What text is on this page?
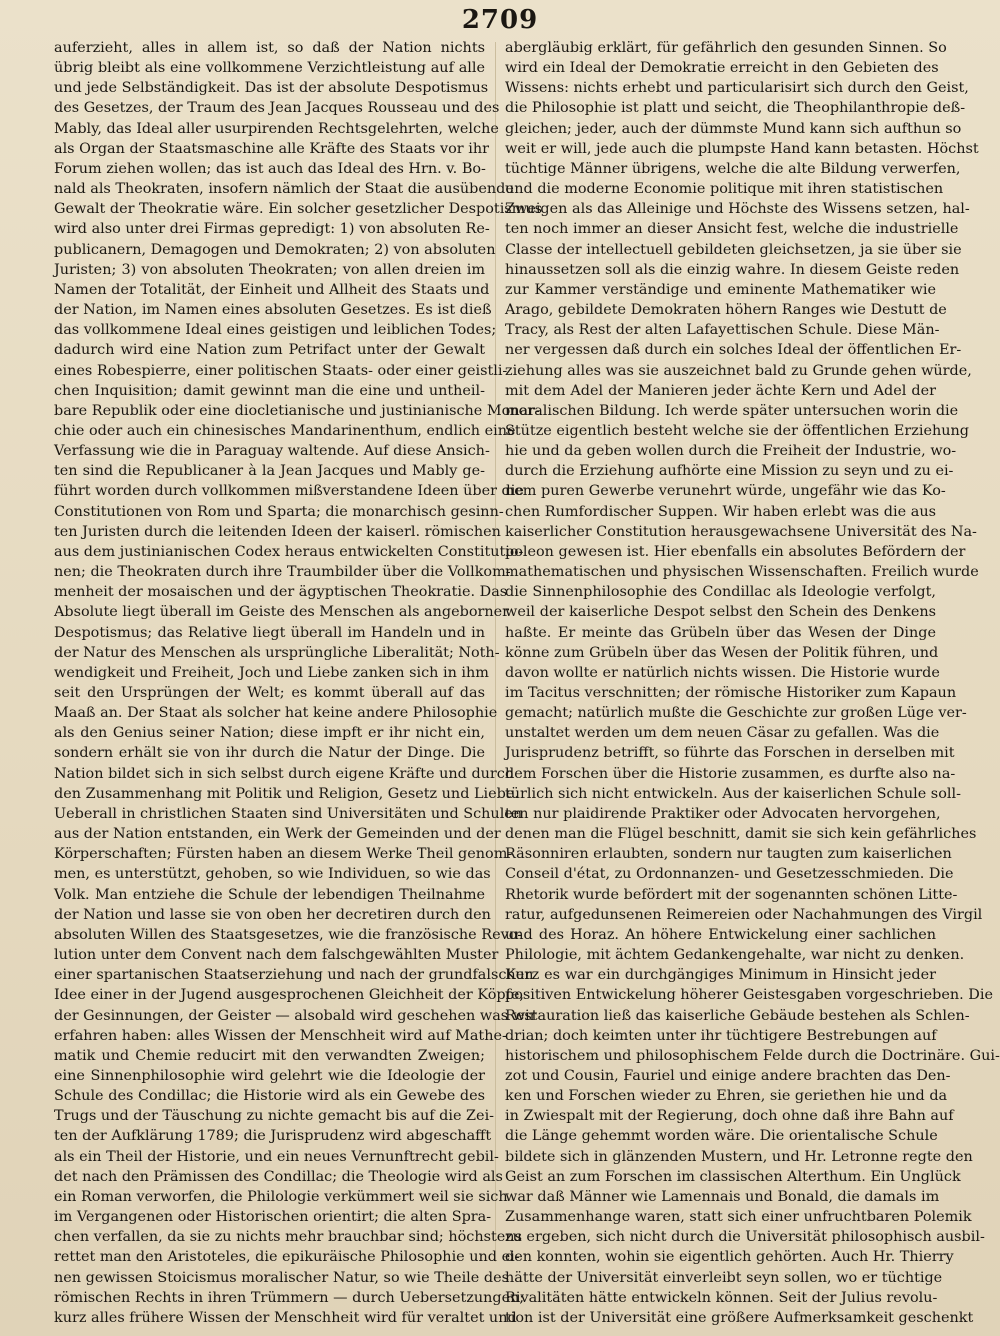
2709
auferzieht, alles in allem ist, so daß der Nation nichts
übrig bleibt als eine vollkommene Verzichtleistung auf alle
und jede Selbständigkeit. Das ist der absolute Despotismus
des Gesetzes, der Traum des Jean Jacques Rousseau und des
Mably, das Ideal aller usurpirenden Rechtsgelehrten, welche
als Organ der Staatsmaschine alle Kräfte des Staats vor ihr
Forum ziehen wollen; das ist auch das Ideal des Hrn. v. Bo-
nald als Theokraten, insofern nämlich der Staat die ausübende
Gewalt der Theokratie wäre. Ein solcher gesetzlicher Despotismus
wird also unter drei Firmas gepredigt: 1) von absoluten Re-
publicanern, Demagogen und Demokraten; 2) von absoluten
Juristen; 3) von absoluten Theokraten; von allen dreien im
Namen der Totalität, der Einheit und Allheit des Staats und
der Nation, im Namen eines absoluten Gesetzes. Es ist dieß
das vollkommene Ideal eines geistigen und leiblichen Todes;
dadurch wird eine Nation zum Petrifact unter der Gewalt
eines Robespierre, einer politischen Staats- oder einer geistli-
chen Inquisition; damit gewinnt man die eine und untheil-
bare Republik oder eine diocletianische und justinianische Monar-
chie oder auch ein chinesisches Mandarinenthum, endlich eine
Verfassung wie die in Paraguay waltende. Auf diese Ansich-
ten sind die Republicaner à la Jean Jacques und Mably ge-
führt worden durch vollkommen mißverstandene Ideen über die
Constitutionen von Rom und Sparta; die monarchisch gesinn-
ten Juristen durch die leitenden Ideen der kaiserl. römischen
aus dem justinianischen Codex heraus entwickelten Constitutio-
nen; die Theokraten durch ihre Traumbilder über die Vollkom-
menheit der mosaischen und der ägyptischen Theokratie. Das
Absolute liegt überall im Geiste des Menschen als angeborner
Despotismus; das Relative liegt überall im Handeln und in
der Natur des Menschen als ursprüngliche Liberalität; Noth-
wendigkeit und Freiheit, Joch und Liebe zanken sich in ihm
seit den Ursprüngen der Welt; es kommt überall auf das
Maaß an. Der Staat als solcher hat keine andere Philosophie
als den Genius seiner Nation; diese impft er ihr nicht ein,
sondern erhält sie von ihr durch die Natur der Dinge. Die
Nation bildet sich in sich selbst durch eigene Kräfte und durch
den Zusammenhang mit Politik und Religion, Gesetz und Liebe.
Ueberall in christlichen Staaten sind Universitäten und Schulen
aus der Nation entstanden, ein Werk der Gemeinden und der
Körperschaften; Fürsten haben an diesem Werke Theil genom-
men, es unterstützt, gehoben, so wie Individuen, so wie das
Volk. Man entziehe die Schule der lebendigen Theilnahme
der Nation und lasse sie von oben her decretiren durch den
absoluten Willen des Staatsgesetzes, wie die französische Revo-
lution unter dem Convent nach dem falschgewählten Muster
einer spartanischen Staatserziehung und nach der grundfalschen
Idee einer in der Jugend ausgesprochenen Gleichheit der Köpfe,
der Gesinnungen, der Geister — alsobald wird geschehen was wir
erfahren haben: alles Wissen der Menschheit wird auf Mathe-
matik und Chemie reducirt mit den verwandten Zweigen;
eine Sinnenphilosophie wird gelehrt wie die Ideologie der
Schule des Condillac; die Historie wird als ein Gewebe des
Trugs und der Täuschung zu nichte gemacht bis auf die Zei-
ten der Aufklärung 1789; die Jurisprudenz wird abgeschafft
als ein Theil der Historie, und ein neues Vernunftrecht gebil-
det nach den Prämissen des Condillac; die Theologie wird als
ein Roman verworfen, die Philologie verkümmert weil sie sich
im Vergangenen oder Historischen orientirt; die alten Spra-
chen verfallen, da sie zu nichts mehr brauchbar sind; höchstens
rettet man den Aristoteles, die epikuräische Philosophie und ei-
nen gewissen Stoicismus moralischer Natur, so wie Theile des
römischen Rechts in ihren Trümmern — durch Uebersetzungen;
kurz alles frühere Wissen der Menschheit wird für veraltet und
abergläubig erklärt, für gefährlich den gesunden Sinnen. So
wird ein Ideal der Demokratie erreicht in den Gebieten des
Wissens: nichts erhebt und particularisirt sich durch den Geist,
die Philosophie ist platt und seicht, die Theophilanthropie deß-
gleichen; jeder, auch der dümmste Mund kann sich aufthun so
weit er will, jede auch die plumpste Hand kann betasten. Höchst
tüchtige Männer übrigens, welche die alte Bildung verwerfen,
und die moderne Economie politique mit ihren statistischen
Zweigen als das Alleinige und Höchste des Wissens setzen, hal-
ten noch immer an dieser Ansicht fest, welche die industrielle
Classe der intellectuell gebildeten gleichsetzen, ja sie über sie
hinaussetzen soll als die einzig wahre. In diesem Geiste reden
zur Kammer verständige und eminente Mathematiker wie
Arago, gebildete Demokraten höhern Ranges wie Destutt de
Tracy, als Rest der alten Lafayettischen Schule. Diese Män-
ner vergessen daß durch ein solches Ideal der öffentlichen Er-
ziehung alles was sie auszeichnet bald zu Grunde gehen würde,
mit dem Adel der Manieren jeder ächte Kern und Adel der
moralischen Bildung. Ich werde später untersuchen worin die
Stütze eigentlich besteht welche sie der öffentlichen Erziehung
hie und da geben wollen durch die Freiheit der Industrie, wo-
durch die Erziehung aufhörte eine Mission zu seyn und zu ei-
nem puren Gewerbe verunehrt würde, ungefähr wie das Ko-
chen Rumfordischer Suppen. Wir haben erlebt was die aus
kaiserlicher Constitution herausgewachsene Universität des Na-
poleon gewesen ist. Hier ebenfalls ein absolutes Befördern der
mathematischen und physischen Wissenschaften. Freilich wurde
die Sinnenphilosophie des Condillac als Ideologie verfolgt,
weil der kaiserliche Despot selbst den Schein des Denkens
haßte. Er meinte das Grübeln über das Wesen der Dinge
könne zum Grübeln über das Wesen der Politik führen, und
davon wollte er natürlich nichts wissen. Die Historie wurde
im Tacitus verschnitten; der römische Historiker zum Kapaun
gemacht; natürlich mußte die Geschichte zur großen Lüge ver-
unstaltet werden um dem neuen Cäsar zu gefallen. Was die
Jurisprudenz betrifft, so führte das Forschen in derselben mit
dem Forschen über die Historie zusammen, es durfte also na-
türlich sich nicht entwickeln. Aus der kaiserlichen Schule soll-
ten nur plaidirende Praktiker oder Advocaten hervorgehen,
denen man die Flügel beschnitt, damit sie sich kein gefährliches
Räsonniren erlaubten, sondern nur taugten zum kaiserlichen
Conseil d'état, zu Ordonnanzen- und Gesetzesschmieden. Die
Rhetorik wurde befördert mit der sogenannten schönen Litte-
ratur, aufgedunsenen Reimereien oder Nachahmungen des Virgil
und des Horaz. An höhere Entwickelung einer sachlichen
Philologie, mit ächtem Gedankengehalte, war nicht zu denken.
Kurz es war ein durchgängiges Minimum in Hinsicht jeder
positiven Entwickelung höherer Geistesgaben vorgeschrieben. Die
Restauration ließ das kaiserliche Gebäude bestehen als Schlen-
drian; doch keimten unter ihr tüchtigere Bestrebungen auf
historischem und philosophischem Felde durch die Doctrinäre. Gui-
zot und Cousin, Fauriel und einige andere brachten das Den-
ken und Forschen wieder zu Ehren, sie geriethen hie und da
in Zwiespalt mit der Regierung, doch ohne daß ihre Bahn auf
die Länge gehemmt worden wäre. Die orientalische Schule
bildete sich in glänzenden Mustern, und Hr. Letronne regte den
Geist an zum Forschen im classischen Alterthum. Ein Unglück
war daß Männer wie Lamennais und Bonald, die damals im
Zusammenhange waren, statt sich einer unfruchtbaren Polemik
zu ergeben, sich nicht durch die Universität philosophisch ausbil-
den konnten, wohin sie eigentlich gehörten. Auch Hr. Thierry
hätte der Universität einverleibt seyn sollen, wo er tüchtige
Rivalitäten hätte entwickeln können. Seit der Julius revolu-
tion ist der Universität eine größere Aufmerksamkeit geschenkt
